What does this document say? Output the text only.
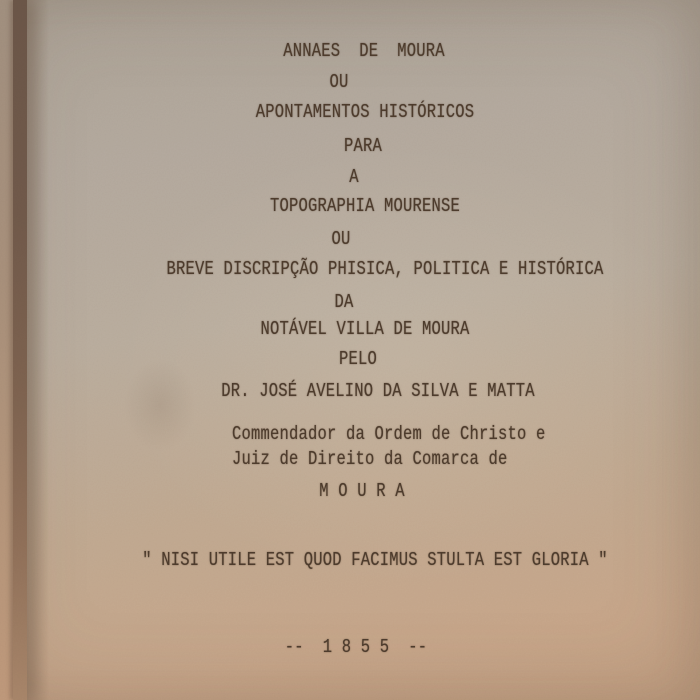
ANNAES  DE  MOURA
OU
APONTAMENTOS HISTÓRICOS
PARA
A
TOPOGRAPHIA MOURENSE
OU
BREVE DISCRIPÇÃO PHISICA, POLITICA E HISTÓRICA
DA
NOTÁVEL VILLA DE MOURA
PELO
DR. JOSÉ AVELINO DA SILVA E MATTA
Commendador da Ordem de Christo e
Juiz de Direito da Comarca de
M O U R A
" NISI UTILE EST QUOD FACIMUS STULTA EST GLORIA "
--  1 8 5 5  --
